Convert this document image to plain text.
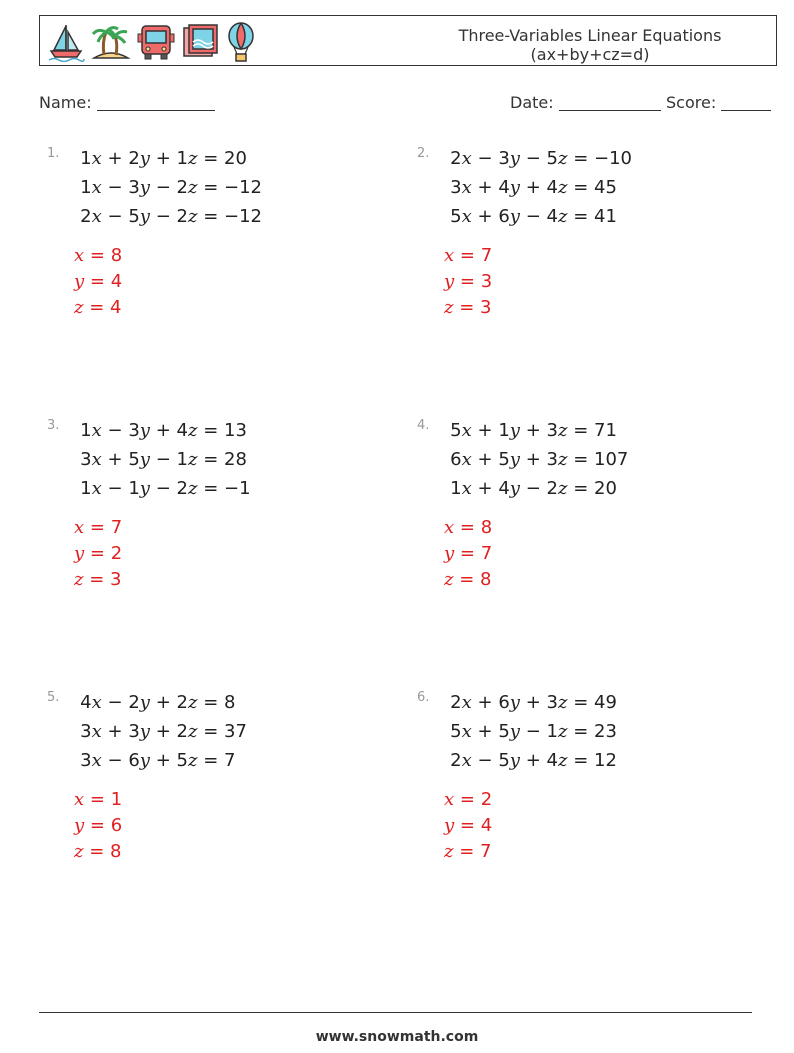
Three-Variables Linear Equations
(ax+by+cz=d)
Name:	Date:	Score:
1. 1x + 2y + 1z = 20
1x − 3y − 2z = −12
2x − 5y − 2z = −12
x = 8
y = 4
z = 4
2. 2x − 3y − 5z = −10
3x + 4y + 4z = 45
5x + 6y − 4z = 41
x = 7
y = 3
z = 3
3. 1x − 3y + 4z = 13
3x + 5y − 1z = 28
1x − 1y − 2z = −1
x = 7
y = 2
z = 3
4. 5x + 1y + 3z = 71
6x + 5y + 3z = 107
1x + 4y − 2z = 20
x = 8
y = 7
z = 8
5. 4x − 2y + 2z = 8
3x + 3y + 2z = 37
3x − 6y + 5z = 7
x = 1
y = 6
z = 8
6. 2x + 6y + 3z = 49
5x + 5y − 1z = 23
2x − 5y + 4z = 12
x = 2
y = 4
z = 7
www.snowmath.com
